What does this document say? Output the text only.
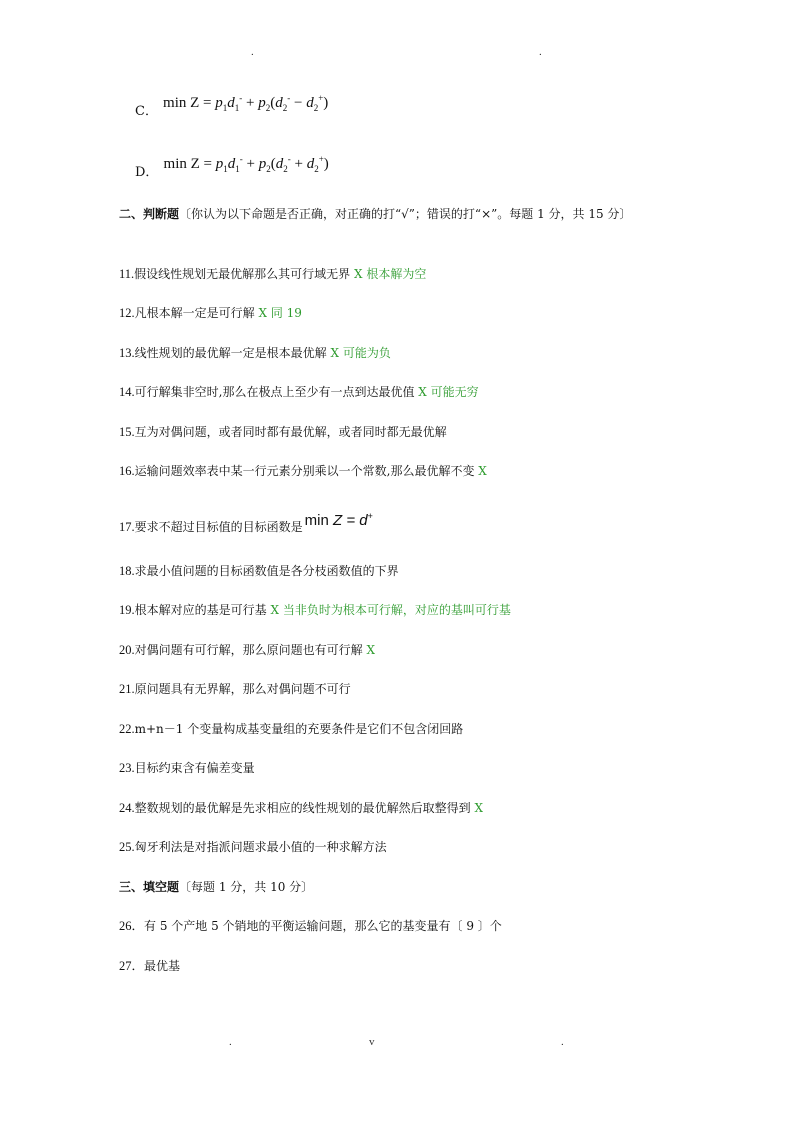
.	.
$_{C.}$ $\min Z = p_1d_1^- + p_2(d_2^- - d_2^+)$
$_{D.}$ $\min Z = p_1d_1^- + p_2(d_2^- + d_2^+)$
二、判断题〔你认为以下命题是否正确，对正确的打“√”；错误的打“×”。每题 1 分，共 15 分〕
11.假设线性规划无最优解那么其可行域无界 X 根本解为空
12.凡根本解一定是可行解 X 同 19
13.线性规划的最优解一定是根本最优解 X 可能为负
14.可行解集非空时,那么在极点上至少有一点到达最优值 X 可能无穷
15.互为对偶问题，或者同时都有最优解，或者同时都无最优解
16.运输问题效率表中某一行元素分别乘以一个常数,那么最优解不变 X
17.要求不超过目标值的目标函数是 min Z = d+
18.求最小值问题的目标函数值是各分枝函数值的下界
19.根本解对应的基是可行基 X 当非负时为根本可行解，对应的基叫可行基
20.对偶问题有可行解，那么原问题也有可行解 X
21.原问题具有无界解，那么对偶问题不可行
22.m+n－1 个变量构成基变量组的充要条件是它们不包含闭回路
23.目标约束含有偏差变量
24.整数规划的最优解是先求相应的线性规划的最优解然后取整得到 X
25.匈牙利法是对指派问题求最小值的一种求解方法
三、填空题〔每题 1 分，共 10 分〕
26．有 5 个产地 5 个销地的平衡运输问题，那么它的基变量有〔 9 〕个
27．最优基
.	v	.
